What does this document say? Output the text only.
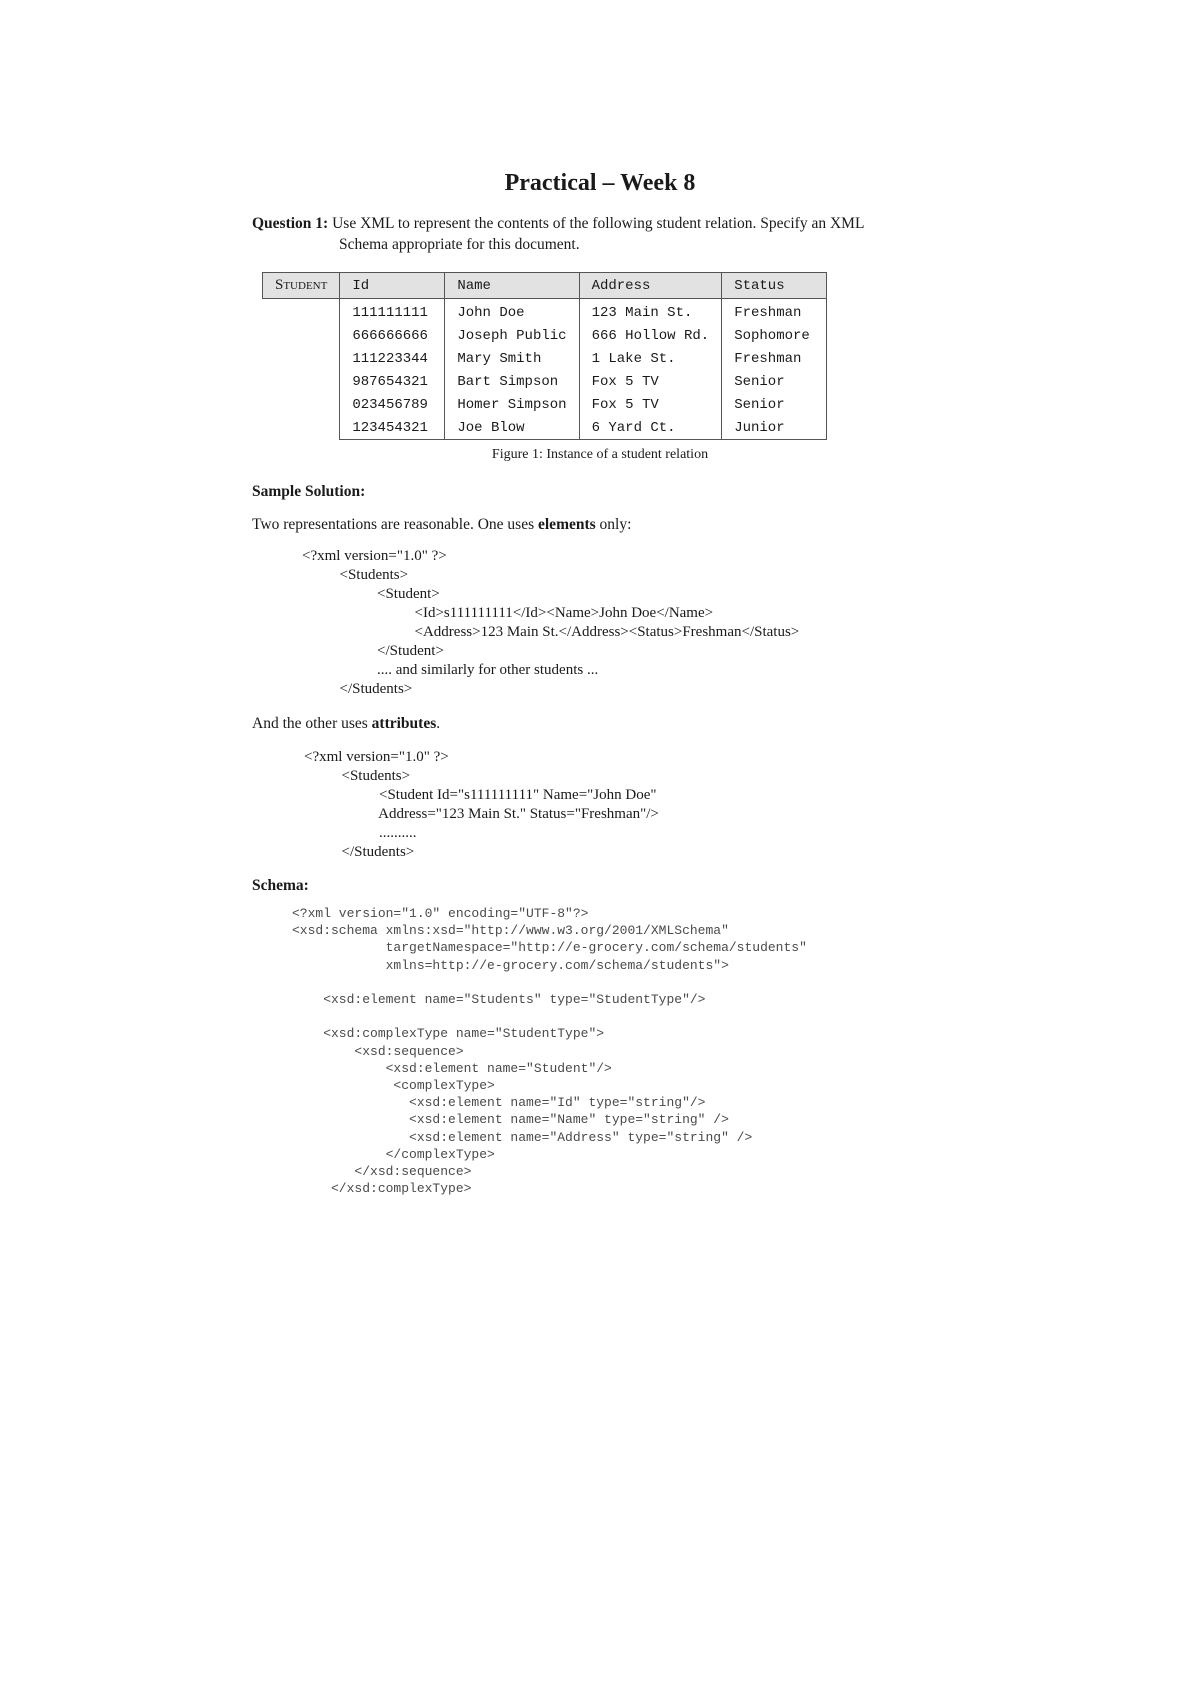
Practical – Week 8
Question 1: Use XML to represent the contents of the following student relation. Specify an XML
Schema appropriate for this document.
Student	Id	Name	Address	Status
	111111111	John Doe	123 Main St.	Freshman
	666666666	Joseph Public	666 Hollow Rd.	Sophomore
	111223344	Mary Smith	1 Lake St.	Freshman
	987654321	Bart Simpson	Fox 5 TV	Senior
	023456789	Homer Simpson	Fox 5 TV	Senior
	123454321	Joe Blow	6 Yard Ct.	Junior
Figure 1: Instance of a student relation
Sample Solution:
Two representations are reasonable. One uses elements only:
<?xml version="1.0" ?>
<Students>
<Student>
<Id>s111111111</Id><Name>John Doe</Name>
<Address>123 Main St.</Address><Status>Freshman</Status>
</Student>
.... and similarly for other students ...
</Students>
And the other uses attributes.
<?xml version="1.0" ?>
<Students>
<Student Id="s111111111" Name="John Doe"
Address="123 Main St." Status="Freshman"/>
..........
</Students>
Schema:
<?xml version="1.0" encoding="UTF-8"?>
<xsd:schema xmlns:xsd="http://www.w3.org/2001/XMLSchema"
targetNamespace="http://e-grocery.com/schema/students"
xmlns=http://e-grocery.com/schema/students">

<xsd:element name="Students" type="StudentType"/>

<xsd:complexType name="StudentType">
<xsd:sequence>
<xsd:element name="Student"/>
<complexType>
<xsd:element name="Id" type="string"/>
<xsd:element name="Name" type="string" />
<xsd:element name="Address" type="string" />
</complexType>
</xsd:sequence>
</xsd:complexType>
